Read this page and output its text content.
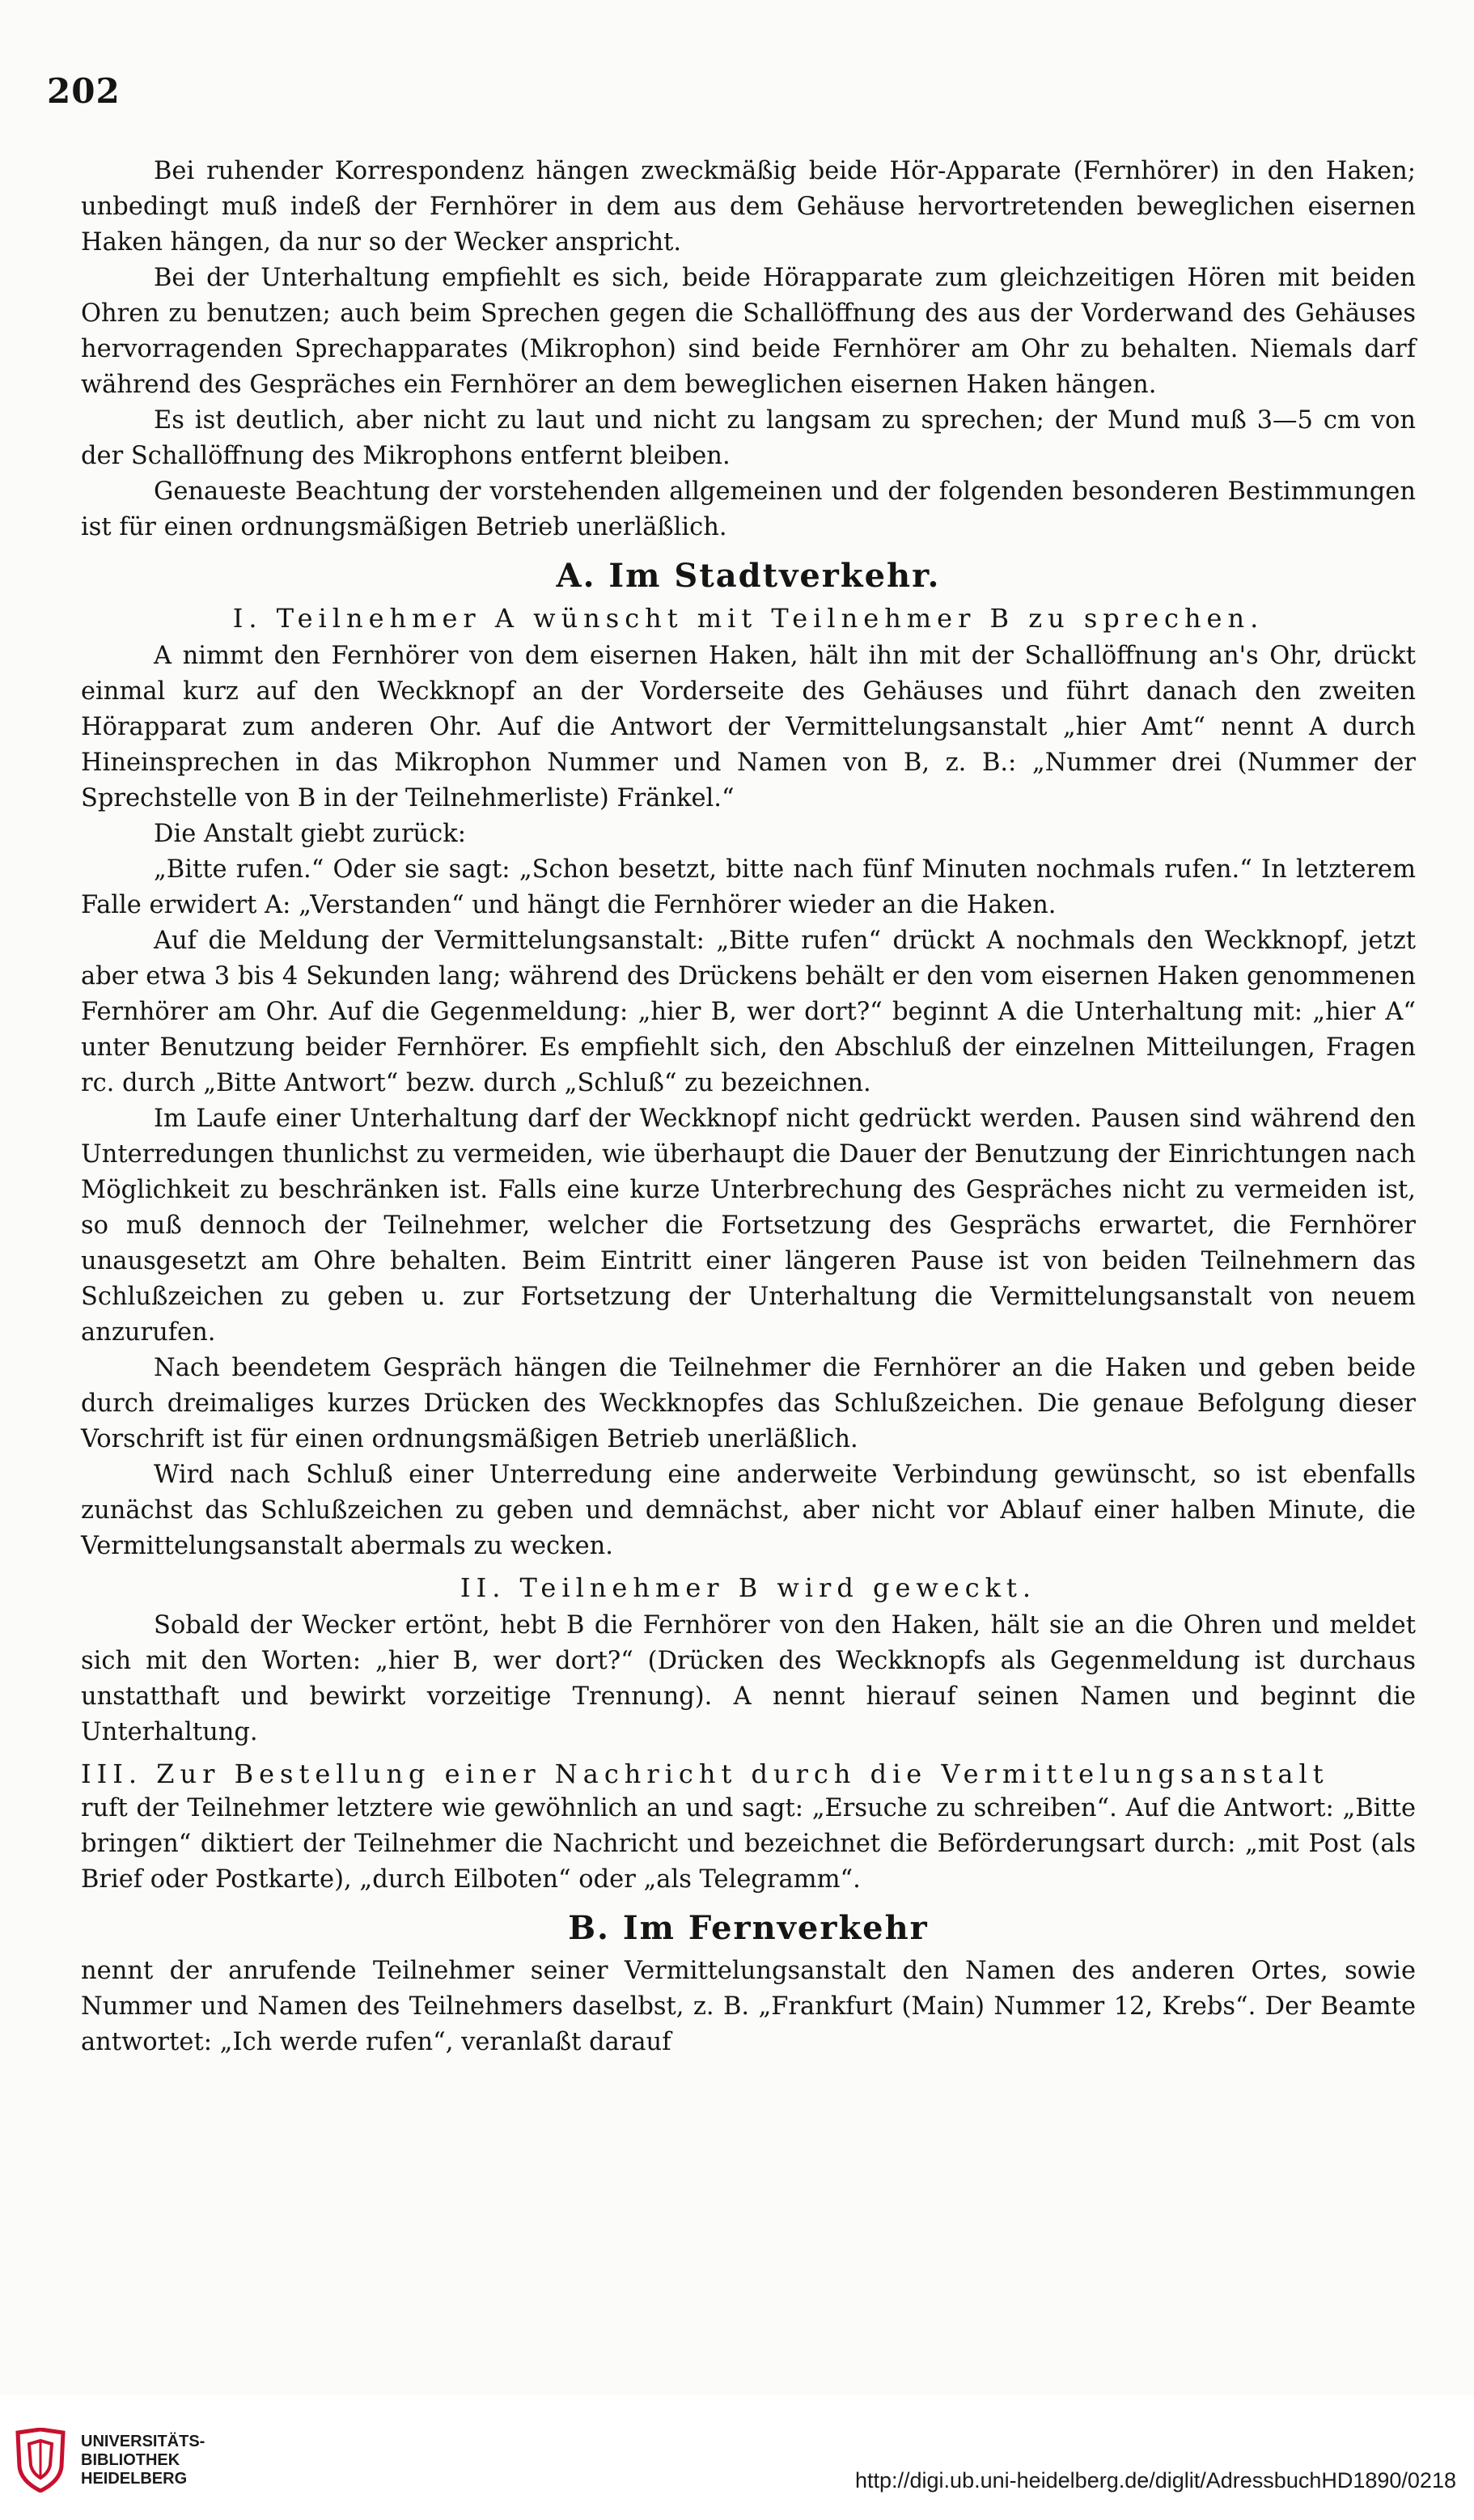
202

Bei ruhender Korrespondenz hängen zweckmäßig beide Hör-Apparate (Fernhörer) in den Haken; unbedingt muß indeß der Fernhörer in dem aus dem Gehäuse hervortretenden beweglichen eisernen Haken hängen, da nur so der Wecker anspricht.

Bei der Unterhaltung empfiehlt es sich, beide Hörapparate zum gleichzeitigen Hören mit beiden Ohren zu benutzen; auch beim Sprechen gegen die Schallöffnung des aus der Vorderwand des Gehäuses hervorragenden Sprechapparates (Mikrophon) sind beide Fernhörer am Ohr zu behalten. Niemals darf während des Gespräches ein Fernhörer an dem beweglichen eisernen Haken hängen.

Es ist deutlich, aber nicht zu laut und nicht zu langsam zu sprechen; der Mund muß 3—5 cm von der Schallöffnung des Mikrophons entfernt bleiben.

Genaueste Beachtung der vorstehenden allgemeinen und der folgenden besonderen Bestimmungen ist für einen ordnungsmäßigen Betrieb unerläßlich.

A. Im Stadtverkehr.
I. Teilnehmer A wünscht mit Teilnehmer B zu sprechen.

A nimmt den Fernhörer von dem eisernen Haken, hält ihn mit der Schallöffnung an's Ohr, drückt einmal kurz auf den Weckknopf an der Vorderseite des Gehäuses und führt danach den zweiten Hörapparat zum anderen Ohr. Auf die Antwort der Vermittelungsanstalt „hier Amt“ nennt A durch Hineinsprechen in das Mikrophon Nummer und Namen von B, z. B.: „Nummer drei (Nummer der Sprechstelle von B in der Teilnehmerliste) Fränkel.“

Die Anstalt giebt zurück:

„Bitte rufen.“ Oder sie sagt: „Schon besetzt, bitte nach fünf Minuten nochmals rufen.“ In letzterem Falle erwidert A: „Verstanden“ und hängt die Fernhörer wieder an die Haken.

Auf die Meldung der Vermittelungsanstalt: „Bitte rufen“ drückt A nochmals den Weckknopf, jetzt aber etwa 3 bis 4 Sekunden lang; während des Drückens behält er den vom eisernen Haken genommenen Fernhörer am Ohr. Auf die Gegenmeldung: „hier B, wer dort?“ beginnt A die Unterhaltung mit: „hier A“ unter Benutzung beider Fernhörer. Es empfiehlt sich, den Abschluß der einzelnen Mitteilungen, Fragen rc. durch „Bitte Antwort“ bezw. durch „Schluß“ zu bezeichnen.

Im Laufe einer Unterhaltung darf der Weckknopf nicht gedrückt werden. Pausen sind während den Unterredungen thunlichst zu vermeiden, wie überhaupt die Dauer der Benutzung der Einrichtungen nach Möglichkeit zu beschränken ist. Falls eine kurze Unterbrechung des Gespräches nicht zu vermeiden ist, so muß dennoch der Teilnehmer, welcher die Fortsetzung des Gesprächs erwartet, die Fernhörer unausgesetzt am Ohre behalten. Beim Eintritt einer längeren Pause ist von beiden Teilnehmern das Schlußzeichen zu geben u. zur Fortsetzung der Unterhaltung die Vermittelungsanstalt von neuem anzurufen.

Nach beendetem Gespräch hängen die Teilnehmer die Fernhörer an die Haken und geben beide durch dreimaliges kurzes Drücken des Weckknopfes das Schlußzeichen. Die genaue Befolgung dieser Vorschrift ist für einen ordnungsmäßigen Betrieb unerläßlich.

Wird nach Schluß einer Unterredung eine anderweite Verbindung gewünscht, so ist ebenfalls zunächst das Schlußzeichen zu geben und demnächst, aber nicht vor Ablauf einer halben Minute, die Vermittelungsanstalt abermals zu wecken.

II. Teilnehmer B wird geweckt.

Sobald der Wecker ertönt, hebt B die Fernhörer von den Haken, hält sie an die Ohren und meldet sich mit den Worten: „hier B, wer dort?“ (Drücken des Weckknopfs als Gegenmeldung ist durchaus unstatthaft und bewirkt vorzeitige Trennung). A nennt hierauf seinen Namen und beginnt die Unterhaltung.

III. Zur Bestellung einer Nachricht durch die Vermittelungsanstalt

ruft der Teilnehmer letztere wie gewöhnlich an und sagt: „Ersuche zu schreiben“. Auf die Antwort: „Bitte bringen“ diktiert der Teilnehmer die Nachricht und bezeichnet die Beförderungsart durch: „mit Post (als Brief oder Postkarte), „durch Eilboten“ oder „als Telegramm“.

B. Im Fernverkehr

nennt der anrufende Teilnehmer seiner Vermittelungsanstalt den Namen des anderen Ortes, sowie Nummer und Namen des Teilnehmers daselbst, z. B. „Frankfurt (Main) Nummer 12, Krebs“. Der Beamte antwortet: „Ich werde rufen“, veranlaßt darauf

UNIVERSITÄTS-
BIBLIOTHEK
HEIDELBERG	http://digi.ub.uni-heidelberg.de/diglit/AdressbuchHD1890/0218
